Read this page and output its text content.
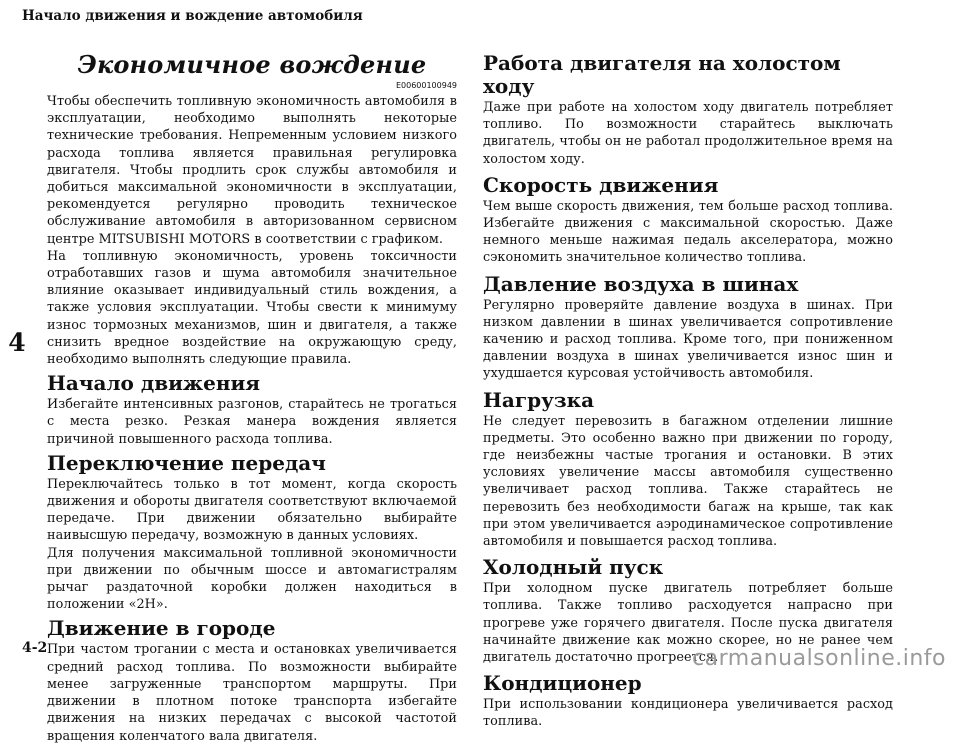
Начало движения и вождение автомобиля
4
Экономичное вождение
E00600100949

Чтобы обеспечить топливную экономичность автомобиля в эксплуатации, необходимо выполнять некоторые технические требования. Непременным условием низкого расхода топлива является правильная регулировка двигателя. Чтобы продлить срок службы автомобиля и добиться максимальной экономичности в эксплуатации, рекомендуется регулярно проводить техническое обслуживание автомобиля в авторизованном сервисном центре MITSUBISHI MOTORS в соответствии с графиком.

На топливную экономичность, уровень токсичности отработавших газов и шума автомобиля значительное влияние оказывает индивидуальный стиль вождения, а также условия эксплуатации. Чтобы свести к минимуму износ тормозных механизмов, шин и двигателя, а также снизить вредное воздействие на окружающую среду, необходимо выполнять следующие правила.

Начало движения

Избегайте интенсивных разгонов, старайтесь не трогаться с места резко. Резкая манера вождения является причиной повышенного расхода топлива.

Переключение передач

Переключайтесь только в тот момент, когда скорость движения и обороты двигателя соответствуют включаемой передаче. При движении обязательно выбирайте наивысшую передачу, возможную в данных условиях.

Для получения максимальной топливной экономичности при движении по обычным шоссе и автомагистралям рычаг раздаточной коробки должен находиться в положении «2H».

Движение в городе

При частом трогании с места и остановках увеличивается средний расход топлива. По возможности выбирайте менее загруженные транспортом маршруты. При движении в плотном потоке транспорта избегайте движения на низких передачах с высокой частотой вращения коленчатого вала двигателя.

Работа двигателя на холостом ходу

Даже при работе на холостом ходу двигатель потребляет топливо. По возможности старайтесь выключать двигатель, чтобы он не работал продолжительное время на холостом ходу.

Скорость движения

Чем выше скорость движения, тем больше расход топлива. Избегайте движения с максимальной скоростью. Даже немного меньше нажимая педаль акселератора, можно сэкономить значительное количество топлива.

Давление воздуха в шинах

Регулярно проверяйте давление воздуха в шинах. При низком давлении в шинах увеличивается сопротивление качению и расход топлива. Кроме того, при пониженном давлении воздуха в шинах увеличивается износ шин и ухудшается курсовая устойчивость автомобиля.

Нагрузка

Не следует перевозить в багажном отделении лишние предметы. Это особенно важно при движении по городу, где неизбежны частые трогания и остановки. В этих условиях увеличение массы автомобиля существенно увеличивает расход топлива. Также старайтесь не перевозить без необходимости багаж на крыше, так как при этом увеличивается аэродинамическое сопротивление автомобиля и повышается расход топлива.

Холодный пуск

При холодном пуске двигатель потребляет больше топлива. Также топливо расходуется напрасно при прогреве уже горячего двигателя. После пуска двигателя начинайте движение как можно скорее, но не ранее чем двигатель достаточно прогреется.

Кондиционер

При использовании кондиционера увеличивается расход топлива.

4-2	carmanualsonline.info
